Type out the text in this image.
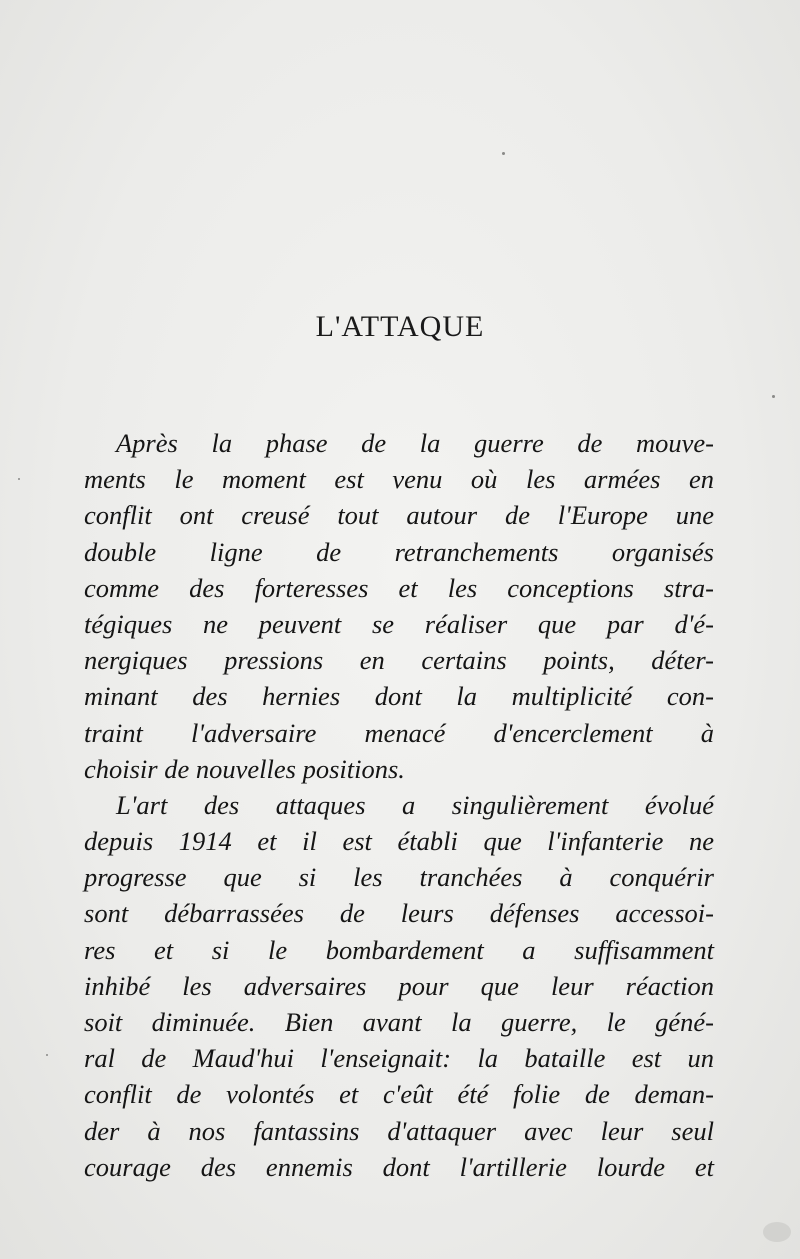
L'ATTAQUE
Après la phase de la guerre de mouve-
ments le moment est venu où les armées en
conflit ont creusé tout autour de l'Europe une
double ligne de retranchements organisés
comme des forteresses et les conceptions stra-
tégiques ne peuvent se réaliser que par d'é-
nergiques pressions en certains points, déter-
minant des hernies dont la multiplicité con-
traint l'adversaire menacé d'encerclement à
choisir de nouvelles positions.
L'art des attaques a singulièrement évolué
depuis 1914 et il est établi que l'infanterie ne
progresse que si les tranchées à conquérir
sont débarrassées de leurs défenses accessoi-
res et si le bombardement a suffisamment
inhibé les adversaires pour que leur réaction
soit diminuée. Bien avant la guerre, le géné-
ral de Maud'hui l'enseignait: la bataille est un
conflit de volontés et c'eût été folie de deman-
der à nos fantassins d'attaquer avec leur seul
courage des ennemis dont l'artillerie lourde et
